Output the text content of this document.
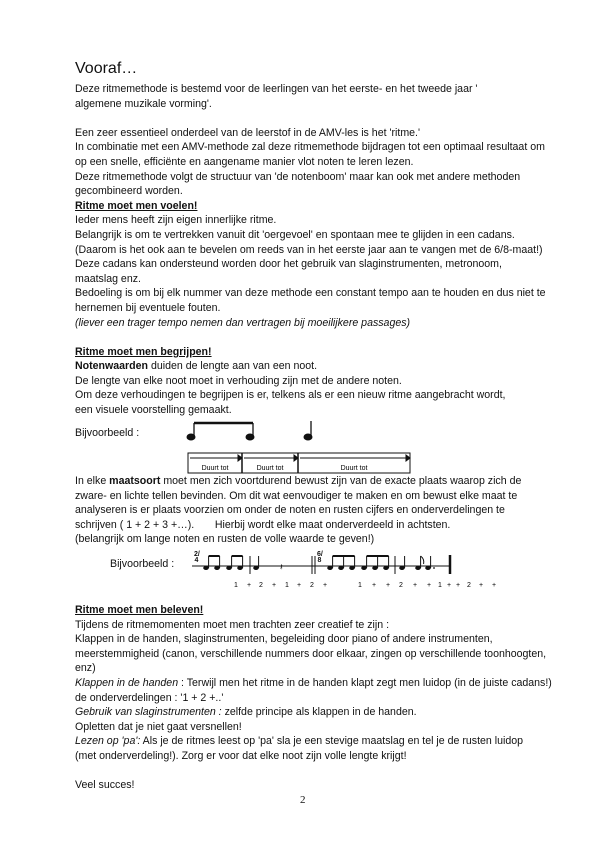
Vooraf…
Deze ritmemethode is bestemd voor de leerlingen van het eerste- en het tweede jaar '
algemene muzikale vorming'.
Een zeer essentieel onderdeel van de leerstof in de AMV-les is het 'ritme.'
In combinatie met een AMV-methode zal deze ritmemethode bijdragen tot een optimaal resultaat om
op een snelle, efficiënte en aangename manier vlot noten te leren lezen.
Deze ritmemethode volgt de structuur van 'de notenboom' maar kan ook met andere methoden
gecombineerd worden.
Ritme moet men voelen!
Ieder mens heeft zijn eigen innerlijke ritme.
Belangrijk is om te vertrekken vanuit dit 'oergevoel' en spontaan mee te glijden in een cadans.
(Daarom is het ook aan te bevelen om reeds van in het eerste jaar aan te vangen met de 6/8-maat!)
Deze cadans kan ondersteund worden door het gebruik van slaginstrumenten, metronoom,
maatslag enz.
Bedoeling is om bij elk nummer van deze methode een constant tempo aan te houden en dus niet te
hernemen bij eventuele fouten.
(liever een trager tempo nemen dan vertragen bij moeilijkere passages)
Ritme moet men begrijpen!
Notenwaarden duiden de lengte aan van een noot.
De lengte van elke noot moet in verhouding zijn met de andere noten.
Om deze verhoudingen te begrijpen is er, telkens als er een nieuw ritme aangebracht wordt,
een visuele voorstelling gemaakt.
Bijvoorbeeld :
Duurt tot	Duurt tot	Duurt tot
In elke maatsoort moet men zich voortdurend bewust zijn van de exacte plaats waarop zich de
zware- en lichte tellen bevinden. Om dit wat eenvoudiger te maken en om bewust elke maat te
analyseren is er plaats voorzien om onder de noten en rusten cijfers en onderverdelingen te
schrijven ( 1 + 2 + 3 +…).       Hierbij wordt elke maat onderverdeeld in achtsten.
(belangrijk om lange noten en rusten de volle waarde te geven!)
Bijvoorbeeld :	𝄽
1 + 2 + 1 + 2 +	1 + + 2 + + 1 + + 2 + +
2/4
6/8
Ritme moet men beleven!
Tijdens de ritmemomenten moet men trachten zeer creatief te zijn :
Klappen in de handen, slaginstrumenten, begeleiding door piano of andere instrumenten,
meerstemmigheid (canon, verschillende nummers door elkaar, zingen op verschillende toonhoogten,
enz)
Klappen in de handen : Terwijl men het ritme in de handen klapt zegt men luidop (in de juiste cadans!)
de onderverdelingen : '1 + 2 +..'
Gebruik van slaginstrumenten : zelfde principe als klappen in de handen.
Opletten dat je niet gaat versnellen!
Lezen op 'pa': Als je de ritmes leest op 'pa' sla je een stevige maatslag en tel je de rusten luidop
(met onderverdeling!). Zorg er voor dat elke noot zijn volle lengte krijgt!
Veel succes!
2
